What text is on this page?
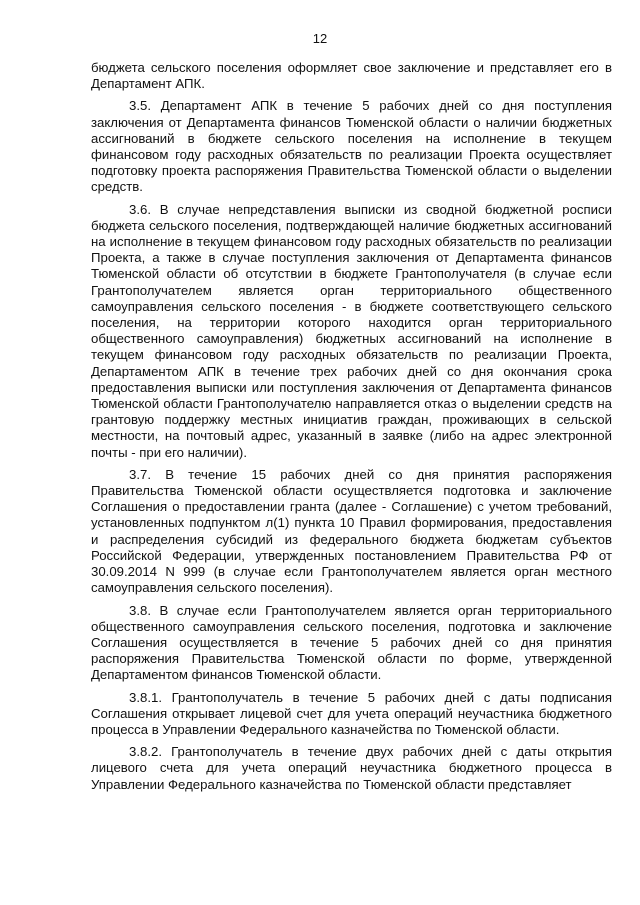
12

бюджета сельского поселения оформляет свое заключение и представляет его в Департамент АПК.

3.5. Департамент АПК в течение 5 рабочих дней со дня поступления заключения от Департамента финансов Тюменской области о наличии бюджетных ассигнований в бюджете сельского поселения на исполнение в текущем финансовом году расходных обязательств по реализации Проекта осуществляет подготовку проекта распоряжения Правительства Тюменской области о выделении средств.

3.6. В случае непредставления выписки из сводной бюджетной росписи бюджета сельского поселения, подтверждающей наличие бюджетных ассигнований на исполнение в текущем финансовом году расходных обязательств по реализации Проекта, а также в случае поступления заключения от Департамента финансов Тюменской области об отсутствии в бюджете Грантополучателя (в случае если Грантополучателем является орган территориального общественного самоуправления сельского поселения - в бюджете соответствующего сельского поселения, на территории которого находится орган территориального общественного самоуправления) бюджетных ассигнований на исполнение в текущем финансовом году расходных обязательств по реализации Проекта, Департаментом АПК в течение трех рабочих дней со дня окончания срока предоставления выписки или поступления заключения от Департамента финансов Тюменской области Грантополучателю направляется отказ о выделении средств на грантовую поддержку местных инициатив граждан, проживающих в сельской местности, на почтовый адрес, указанный в заявке (либо на адрес электронной почты - при его наличии).

3.7. В течение 15 рабочих дней со дня принятия распоряжения Правительства Тюменской области осуществляется подготовка и заключение Соглашения о предоставлении гранта (далее - Соглашение) с учетом требований, установленных подпунктом л(1) пункта 10 Правил формирования, предоставления и распределения субсидий из федерального бюджета бюджетам субъектов Российской Федерации, утвержденных постановлением Правительства РФ от 30.09.2014 N 999 (в случае если Грантополучателем является орган местного самоуправления сельского поселения).

3.8. В случае если Грантополучателем является орган территориального общественного самоуправления сельского поселения, подготовка и заключение Соглашения осуществляется в течение 5 рабочих дней со дня принятия распоряжения Правительства Тюменской области по форме, утвержденной Департаментом финансов Тюменской области.

3.8.1. Грантополучатель в течение 5 рабочих дней с даты подписания Соглашения открывает лицевой счет для учета операций неучастника бюджетного процесса в Управлении Федерального казначейства по Тюменской области.

3.8.2. Грантополучатель в течение двух рабочих дней с даты открытия лицевого счета для учета операций неучастника бюджетного процесса в Управлении Федерального казначейства по Тюменской области представляет
